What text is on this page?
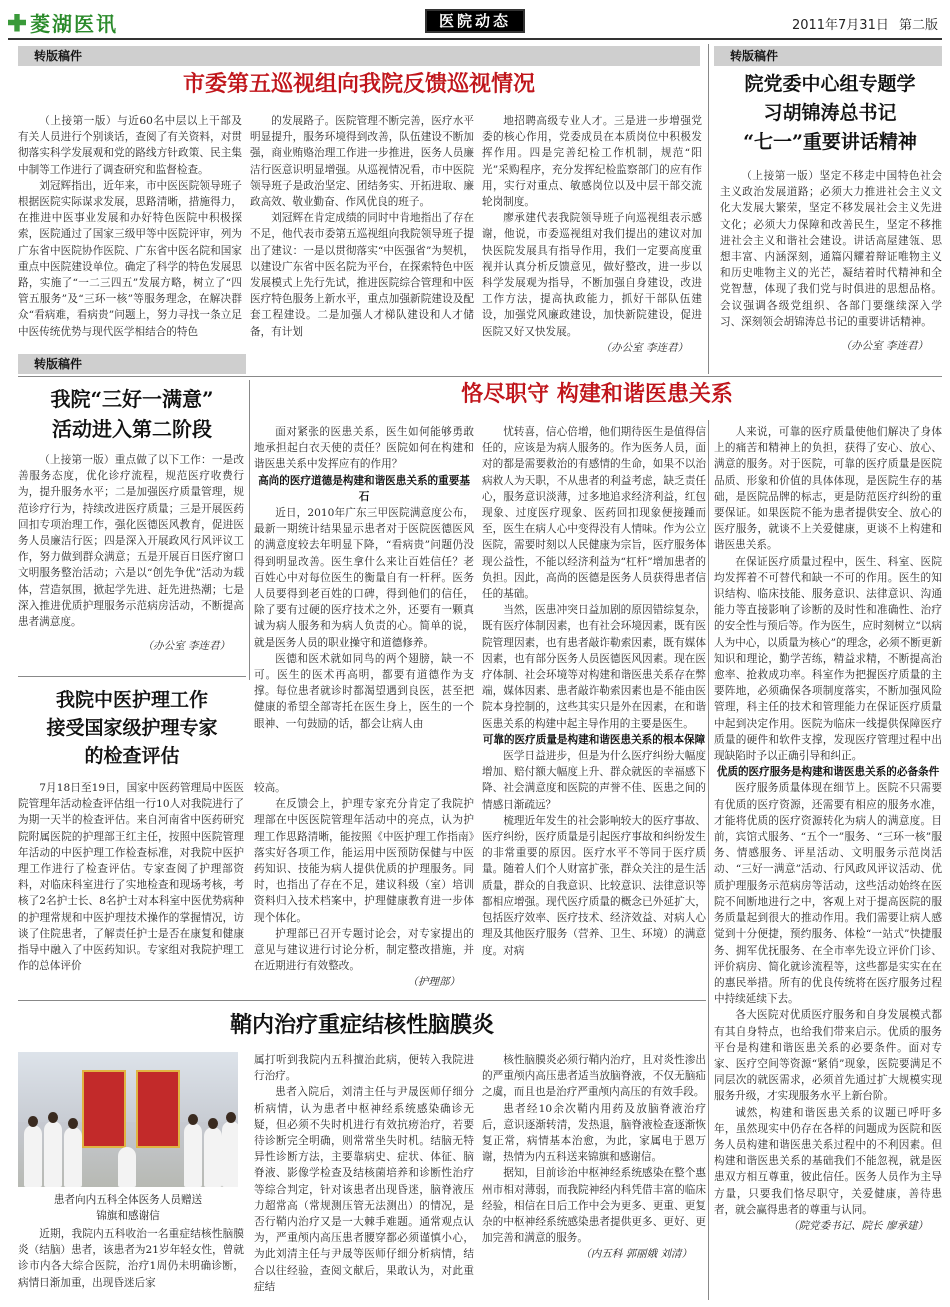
菱湖医讯	医院动态	2011年7月31日 第二版
转版稿件
市委第五巡视组向我院反馈巡视情况

（上接第一版）与近60名中层以上干部及有关人员进行个别谈话，查阅了有关资料，对贯彻落实科学发展观和党的路线方针政策、民主集中制等工作进行了调查研究和监督检查。

刘冠辉指出，近年来，市中医医院领导班子根据医院实际谋求发展，思路清晰，措施得力，在推进中医事业发展和办好特色医院中积极探索，医院通过了国家三级甲等中医院评审，列为广东省中医院协作医院、广东省中医名院和国家重点中医院建设单位。确定了科学的特色发展思路，实施了“一二三四五”发展方略，树立了“四管五服务”及“三环一核”等服务理念，在解决群众“看病难，看病贵”问题上，努力寻找一条立足中医传统优势与现代医学相结合的特色

的发展路子。医院管理不断完善，医疗水平明显提升，服务环境得到改善，队伍建设不断加强，商业贿赂治理工作进一步推进，医务人员廉洁行医意识明显增强。从巡视情况看，市中医院领导班子是政治坚定、团结务实、开拓进取、廉政高效、敬业勤奋、作风优良的班子。

刘冠辉在肯定成绩的同时中肯地指出了存在不足，他代表市委第五巡视组向我院领导班子提出了建议：一是以贯彻落实“中医强省”为契机，以建设广东省中医名院为平台，在探索特色中医发展模式上先行先试，推进医院综合管理和中医医疗特色服务上新水平，重点加强新院建设及配套工程建设。二是加强人才梯队建设和人才储备，有计划

地招聘高级专业人才。三是进一步增强党委的核心作用，党委成员在本质岗位中积极发挥作用。四是完善纪检工作机制，规范“阳光”采购程序，充分发挥纪检监察部门的应有作用，实行对重点、敏感岗位以及中层干部交流轮岗制度。

廖承建代表我院领导班子向巡视组表示感谢，他说，市委巡视组对我们提出的建议对加快医院发展具有指导作用，我们一定要高度重视并认真分析反馈意见，做好整改，进一步以科学发展观为指导，不断加强自身建设，改进工作方法，提高执政能力，抓好干部队伍建设，加强党风廉政建设，加快新院建设，促进医院又好又快发展。

（办公室 李连君）

转版稿件
院党委中心组专题学
习胡锦涛总书记
“七一”重要讲话精神

（上接第一版）坚定不移走中国特色社会主义政治发展道路；必须大力推进社会主义文化大发展大繁荣，坚定不移发展社会主义先进文化；必须大力保障和改善民生，坚定不移推进社会主义和谐社会建设。讲话高屋建瓴、思想丰富、内涵深刻，通篇闪耀着辩证唯物主义和历史唯物主义的光芒，凝结着时代精神和全党智慧，体现了我们党与时俱进的思想品格。会议强调各级党组织、各部门要继续深入学习、深刻领会胡锦涛总书记的重要讲话精神。

（办公室 李连君）

转版稿件
我院“三好一满意”
活动进入第二阶段

（上接第一版）重点做了以下工作：一是改善服务态度，优化诊疗流程，规范医疗收费行为，提升服务水平；二是加强医疗质量管理，规范诊疗行为，持续改进医疗质量；三是开展医药回扣专项治理工作，强化医德医风教育，促进医务人员廉洁行医；四是深入开展政风行风评议工作，努力做到群众满意；五是开展百日医疗窗口文明服务整治活动；六是以“创先争优”活动为载体，营造氛围，掀起学先进、赶先进热潮；七是深入推进优质护理服务示范病房活动，不断提高患者满意度。

（办公室 李连君）

恪尽职守 构建和谐医患关系

面对紧张的医患关系，医生如何能够勇敢地承担起白衣天使的责任？医院如何在构建和谐医患关系中发挥应有的作用？

高尚的医疗道德是构建和谐医患关系的重要基石

近日，2010年广东三甲医院满意度公布，最新一期统计结果显示患者对于医院医德医风的满意度较去年明显下降，“看病贵”问题仍没得到明显改善。医生拿什么来让百姓信任？老百姓心中对每位医生的衡量自有一杆秤。医务人员要得到老百姓的口碑，得到他们的信任，除了要有过硬的医疗技术之外，还要有一颗真诚为病人服务和为病人负责的心。简单的说，就是医务人员的职业操守和道德修养。

医德和医术就如同鸟的两个翅膀，缺一不可。医生的医术再高明，都要有道德作为支撑。每位患者就诊时都渴望遇到良医，甚至把健康的希望全部寄托在医生身上，医生的一个眼神、一句鼓励的话，都会让病人由

忧转喜，信心倍增，他们期待医生是值得信任的，应该是为病人服务的。作为医务人员，面对的都是需要救治的有感情的生命，如果不以治病救人为天职，不从患者的利益考虑，缺乏责任心，服务意识淡薄，过多地追求经济利益，红包现象、过度医疗现象、医药回扣现象便接踵而至，医生在病人心中变得没有人情味。作为公立医院，需要时刻以人民健康为宗旨，医疗服务体现公益性，不能以经济利益为“杠杆”增加患者的负担。因此，高尚的医德是医务人员获得患者信任的基础。

当然，医患冲突日益加剧的原因错综复杂，既有医疗体制因素，也有社会环境因素，既有医院管理因素，也有患者敲诈勒索因素，既有媒体因素，也有部分医务人员医德医风因素。现在医疗体制、社会环境等对构建和谐医患关系存在弊端，媒体因素、患者敲诈勒索因素也是不能由医院本身控制的，这些其实只是外在因素，在和谐医患关系的构建中起主导作用的主要是医生。

可靠的医疗质量是构建和谐医患关系的根本保障

医学日益进步，但是为什么医疗纠纷大幅度增加、赔付额大幅度上升、群众就医的幸福感下降、社会满意度和医院的声誉不佳、医患之间的情感日渐疏远？

梳理近年发生的社会影响较大的医疗事故、医疗纠纷，医疗质量是引起医疗事故和纠纷发生的非常重要的原因。医疗水平不等同于医疗质量。随着人们个人财富扩张，群众关注的是生活质量，群众的自我意识、比较意识、法律意识等都相应增强。现代医疗质量的概念已外延扩大，包括医疗效率、医疗技术、经济效益、对病人心理及其他医疗服务（营养、卫生、环境）的满意度。对病

人来说，可靠的医疗质量使他们解决了身体上的痛苦和精神上的负担，获得了安心、放心、满意的服务。对于医院，可靠的医疗质量是医院品质、形象和价值的具体体现，是医院生存的基础，是医院品牌的标志，更是防范医疗纠纷的重要保证。如果医院不能为患者提供安全、放心的医疗服务，就谈不上关爱健康，更谈不上构建和谐医患关系。

在保证医疗质量过程中，医生、科室、医院均发挥着不可替代和缺一不可的作用。医生的知识结构、临床技能、服务意识、法律意识、沟通能力等直接影响了诊断的及时性和准确性、治疗的安全性与预后等。作为医生，应时刻树立“以病人为中心，以质量为核心”的理念，必须不断更新知识和理论，勤学苦练，精益求精，不断提高治愈率、抢救成功率。科室作为把握医疗质量的主要阵地，必须确保各项制度落实，不断加强风险管理，科主任的技术和管理能力在保证医疗质量中起到决定作用。医院为临床一线提供保障医疗质量的硬件和软件支撑，发现医疗管理过程中出现缺陷时予以正确引导和纠正。

优质的医疗服务是构建和谐医患关系的必备条件

医疗服务质量体现在细节上。医院不只需要有优质的医疗资源，还需要有相应的服务水准，才能将优质的医疗资源转化为病人的满意度。目前，宾馆式服务、“五个一”服务、“三环一核”服务、情感服务、评星活动、文明服务示范岗活动、“三好一满意”活动、行风政风评议活动、优质护理服务示范病房等活动，这些活动始终在医院不间断地进行之中，客观上对于提高医院的服务质量起到很大的推动作用。我们需要让病人感觉到十分便捷，预约服务、体检“一站式”快捷服务、拥军优抚服务、在全市率先设立评价门诊、评价病房、简化就诊流程等，这些都是实实在在的惠民举措。所有的优良传统将在医疗服务过程中持续延续下去。

各大医院对优质医疗服务和自身发展模式都有其自身特点，也给我们带来启示。优质的服务平台是构建和谐医患关系的必要条件。面对专家、医疗空间等资源“紧俏”现象，医院要满足不同层次的就医需求，必须首先通过扩大规模实现服务升级，才实现服务水平上新台阶。

诚然，构建和谐医患关系的议题已呼吁多年，虽然现实中仍存在各样的问题成为医院和医务人员构建和谐医患关系过程中的不利因素。但构建和谐医患关系的基础我们不能忽视，就是医患双方相互尊重，彼此信任。医务人员作为主导方量，只要我们恪尽职守，关爱健康，善待患者，就会赢得患者的尊重与认同。

（院党委书记、院长 廖承建）

我院中医护理工作
接受国家级护理专家
的检查评估

7月18日至19日，国家中医药管理局中医医院管理年活动检查评估组一行10人对我院进行了为期一天半的检查评估。来自河南省中医药研究院附属医院的护理部王红主任，按照中医院管理年活动的中医护理工作检查标准，对我院中医护理工作进行了检查评估。专家查阅了护理部资料，对临床科室进行了实地检查和现场考核，考核了2名护士长、8名护士对本科室中医优势病种的护理常规和中医护理技术操作的掌握情况，访谈了住院患者，了解责任护士是否在康复和健康指导中融入了中医药知识。专家组对我院护理工作的总体评价

较高。

在反馈会上，护理专家充分肯定了我院护理部在中医医院管理年活动中的亮点，认为护理工作思路清晰，能按照《中医护理工作指南》落实好各项工作，能运用中医预防保健与中医药知识、技能为病人提供优质的护理服务。同时，也指出了存在不足，建议科级（室）培训资料归入技术档案中，护理健康教育进一步体现个体化。

护理部已召开专题讨论会，对专家提出的意见与建议进行讨论分析，制定整改措施，并在近期进行有效整改。

（护理部）

鞘内治疗重症结核性脑膜炎
患者向内五科全体医务人员赠送
锦旗和感谢信

近期，我院内五科收治一名重症结核性脑膜炎（结脑）患者，该患者为21岁年轻女性，曾就诊市内各大综合医院，治疗1周仍未明确诊断，病情日渐加重，出现昏迷后家

属打听到我院内五科擅治此病，便转入我院进行治疗。

患者入院后，刘清主任与尹晟医师仔细分析病情，认为患者中枢神经系统感染确诊无疑，但必须不失时机进行有效抗痨治疗，若要待诊断完全明确，则常常坐失时机。结脑无特异性诊断方法，主要靠病史、症状、体征、脑脊液、影像学检查及结核菌培养和诊断性治疗等综合判定，针对该患者出现昏迷，脑脊液压力超常高（常规测压管无法测出）的情况，是否行鞘内治疗又是一大棘手难题。通常观点认为，严重颅内高压患者腰穿都必须谨慎小心，为此刘清主任与尹晟等医师仔细分析病情，结合以往经验，查阅文献后，果敢认为，对此重症结

核性脑膜炎必须行鞘内治疗，且对炎性渗出的严重颅内高压患者适当放脑脊液，不仅无脑疝之虞，而且也是治疗严重颅内高压的有效手段。

患者经10余次鞘内用药及放脑脊液治疗后，意识逐渐转清，发热退，脑脊液检查逐渐恢复正常，病情基本治愈，为此，家属电于恩万谢，热情为内五科送来锦旗和感谢信。

据知，目前诊治中枢神经系统感染在整个惠州市相对薄弱，而我院神经内科凭借丰富的临床经验，相信在日后工作中会为更多、更重、更复杂的中枢神经系统感染患者提供更多、更好、更加完善和满意的服务。

（内五科 郭丽娥 刘清）
